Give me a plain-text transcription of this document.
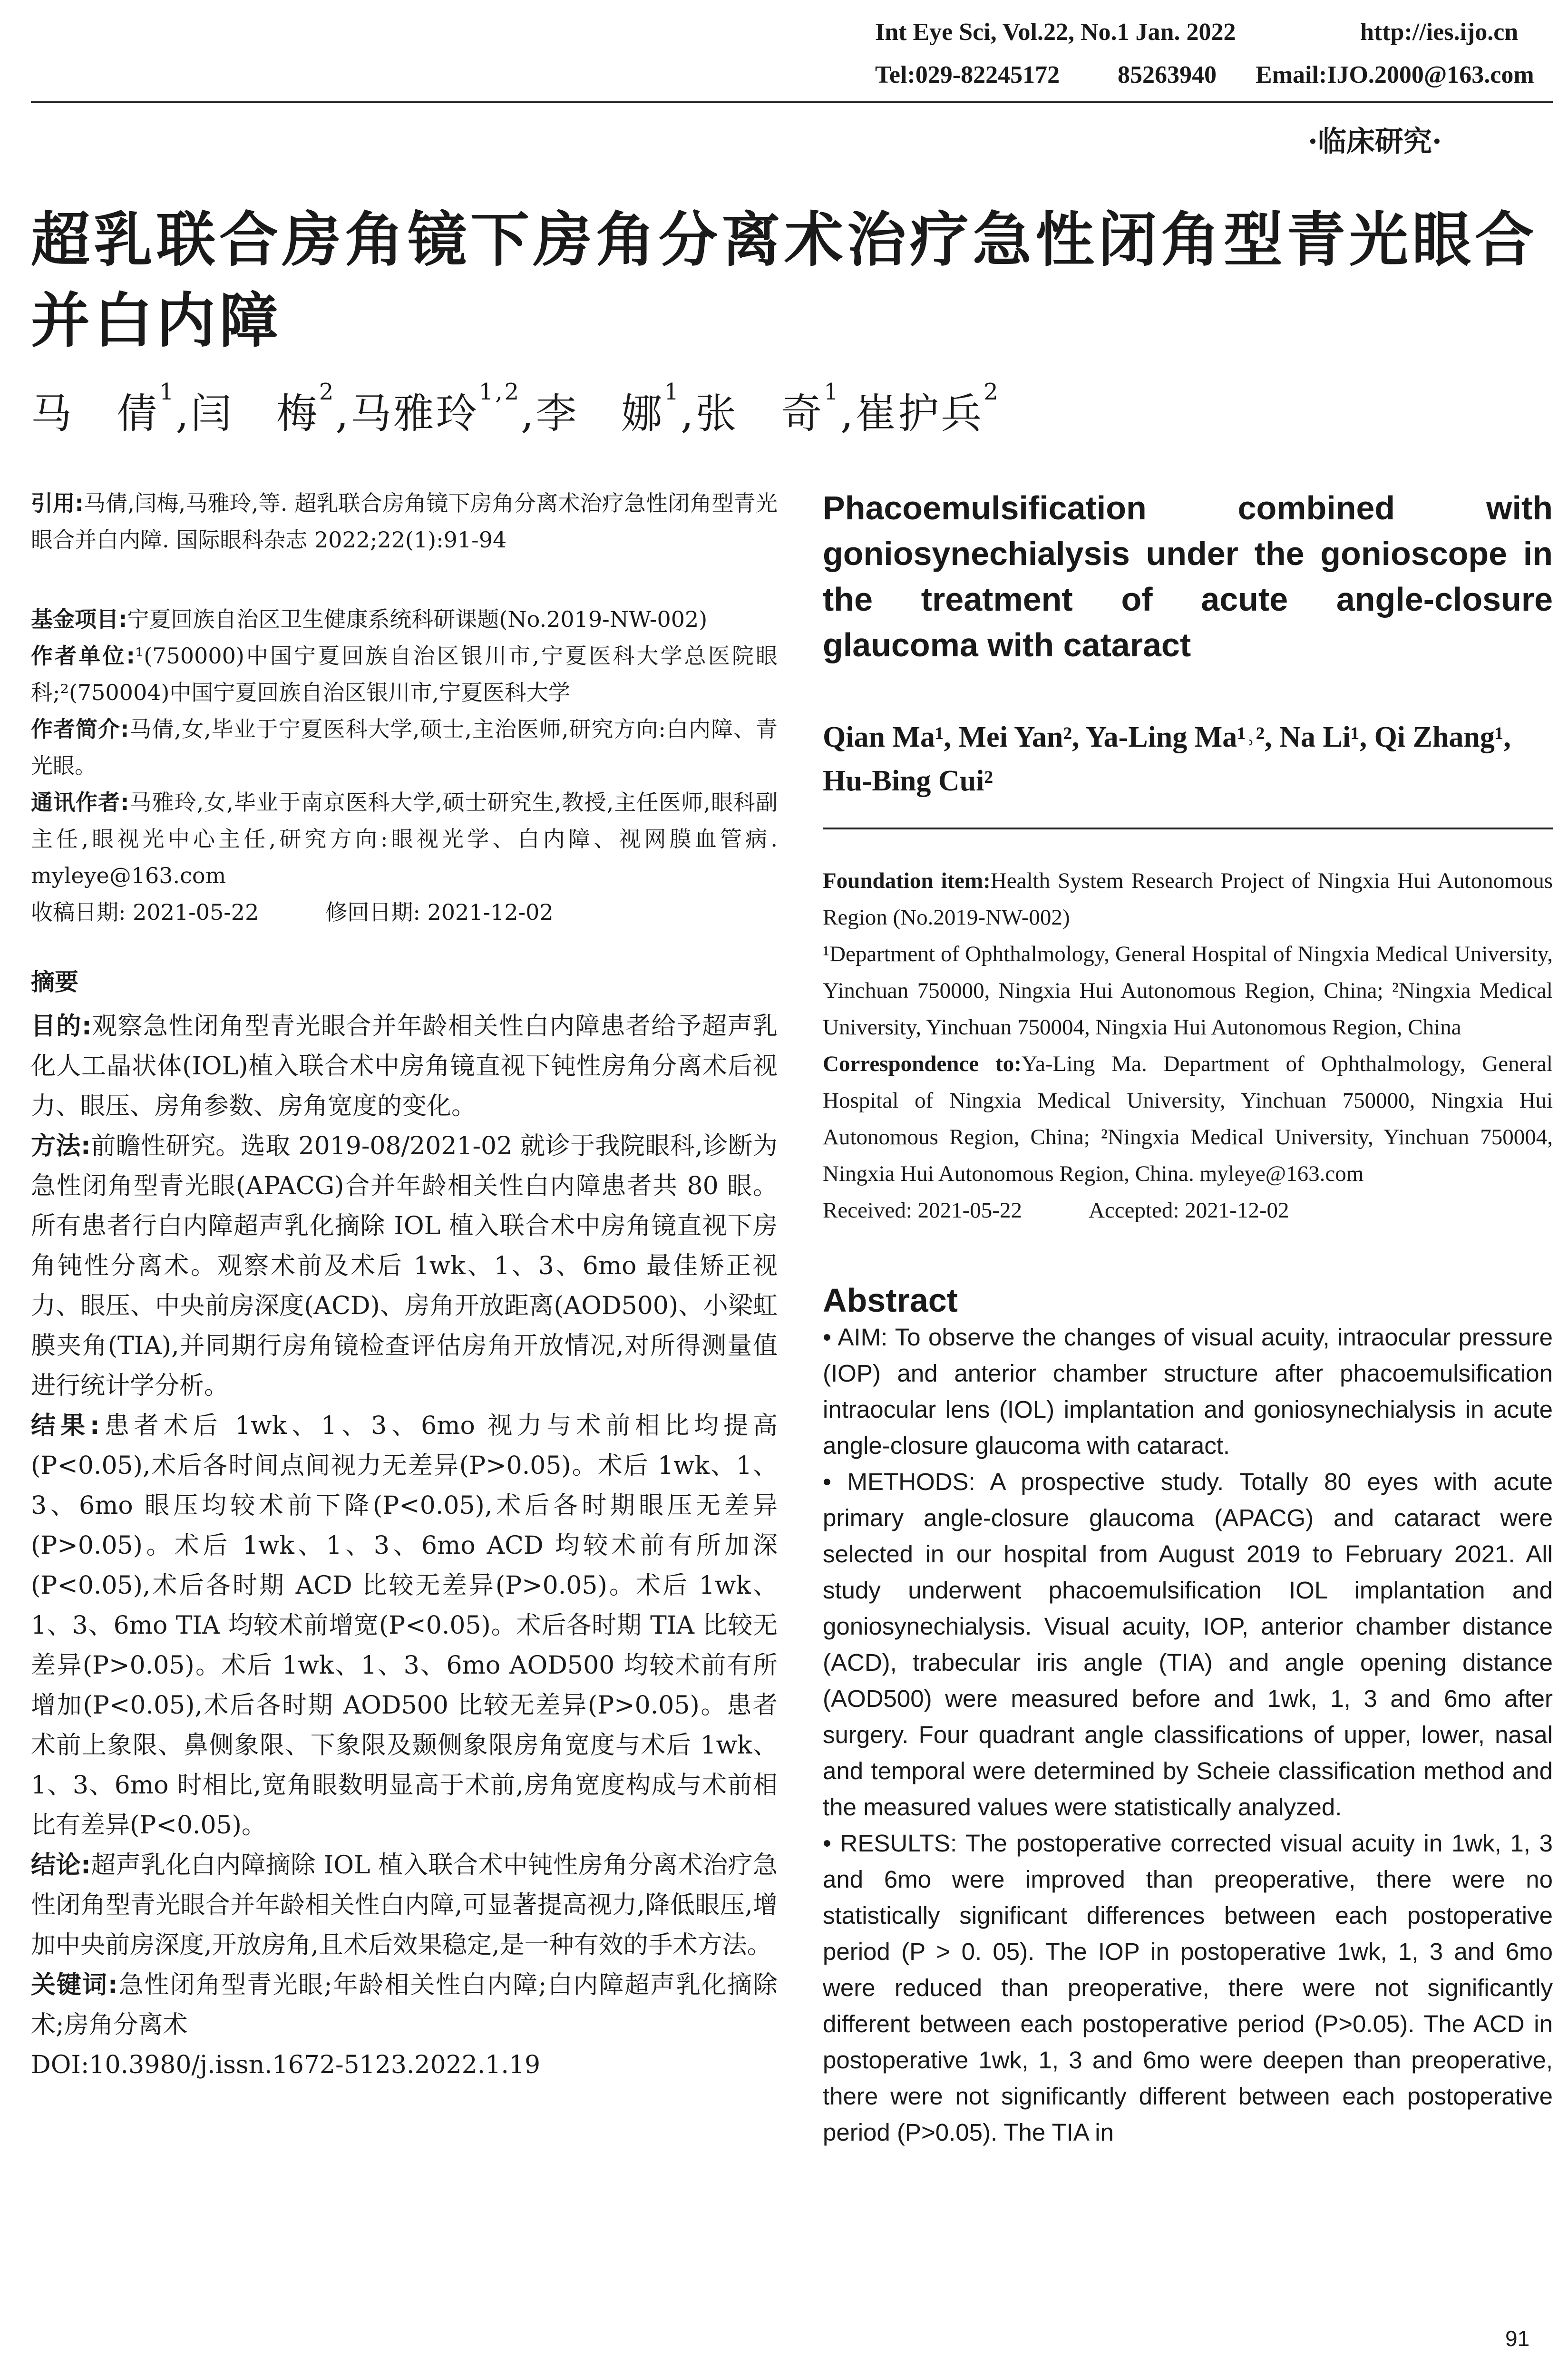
Int Eye Sci, Vol.22, No.1 Jan. 2022	http://ies.ijo.cn
Tel:029-82245172 85263940 Email:IJO.2000@163.com
·临床研究·
超乳联合房角镜下房角分离术治疗急性闭角型青光眼合并白内障
马　倩$^1$,闫　梅$^2$,马雅玲$^{1,2}$,李　娜$^1$,张　奇$^1$,崔护兵$^2$

引用:马倩,闫梅,马雅玲,等. 超乳联合房角镜下房角分离术治疗急性闭角型青光眼合并白内障. 国际眼科杂志 2022;22(1):91-94

基金项目:宁夏回族自治区卫生健康系统科研课题(No.2019-NW-002)

作者单位:¹(750000)中国宁夏回族自治区银川市,宁夏医科大学总医院眼科;²(750004)中国宁夏回族自治区银川市,宁夏医科大学

作者简介:马倩,女,毕业于宁夏医科大学,硕士,主治医师,研究方向:白内障、青光眼。

通讯作者:马雅玲,女,毕业于南京医科大学,硕士研究生,教授,主任医师,眼科副主任,眼视光中心主任,研究方向:眼视光学、白内障、视网膜血管病. myleye@163.com

收稿日期: 2021-05-22	修回日期: 2021-12-02

摘要

目的:观察急性闭角型青光眼合并年龄相关性白内障患者给予超声乳化人工晶状体(IOL)植入联合术中房角镜直视下钝性房角分离术后视力、眼压、房角参数、房角宽度的变化。

方法:前瞻性研究。选取 2019-08/2021-02 就诊于我院眼科,诊断为急性闭角型青光眼(APACG)合并年龄相关性白内障患者共 80 眼。所有患者行白内障超声乳化摘除 IOL 植入联合术中房角镜直视下房角钝性分离术。观察术前及术后 1wk、1、3、6mo 最佳矫正视力、眼压、中央前房深度(ACD)、房角开放距离(AOD500)、小梁虹膜夹角(TIA),并同期行房角镜检查评估房角开放情况,对所得测量值进行统计学分析。

结果:患者术后 1wk、1、3、6mo 视力与术前相比均提高(P<0.05),术后各时间点间视力无差异(P>0.05)。术后 1wk、1、3、6mo 眼压均较术前下降(P<0.05),术后各时期眼压无差异(P>0.05)。术后 1wk、1、3、6mo ACD 均较术前有所加深(P<0.05),术后各时期 ACD 比较无差异(P>0.05)。术后 1wk、1、3、6mo TIA 均较术前增宽(P<0.05)。术后各时期 TIA 比较无差异(P>0.05)。术后 1wk、1、3、6mo AOD500 均较术前有所增加(P<0.05),术后各时期 AOD500 比较无差异(P>0.05)。患者术前上象限、鼻侧象限、下象限及颞侧象限房角宽度与术后 1wk、1、3、6mo 时相比,宽角眼数明显高于术前,房角宽度构成与术前相比有差异(P<0.05)。

结论:超声乳化白内障摘除 IOL 植入联合术中钝性房角分离术治疗急性闭角型青光眼合并年龄相关性白内障,可显著提高视力,降低眼压,增加中央前房深度,开放房角,且术后效果稳定,是一种有效的手术方法。

关键词:急性闭角型青光眼;年龄相关性白内障;白内障超声乳化摘除术;房角分离术

DOI:10.3980/j.issn.1672-5123.2022.1.19

Phacoemulsification combined with goniosynechialysis under the gonioscope in the treatment of acute angle-closure glaucoma with cataract
Qian Ma¹, Mei Yan², Ya-Ling Ma¹˒², Na Li¹, Qi Zhang¹, Hu-Bing Cui²

Foundation item:Health System Research Project of Ningxia Hui Autonomous Region (No.2019-NW-002)

¹Department of Ophthalmology, General Hospital of Ningxia Medical University, Yinchuan 750000, Ningxia Hui Autonomous Region, China; ²Ningxia Medical University, Yinchuan 750004, Ningxia Hui Autonomous Region, China

Correspondence to:Ya-Ling Ma. Department of Ophthalmology, General Hospital of Ningxia Medical University, Yinchuan 750000, Ningxia Hui Autonomous Region, China; ²Ningxia Medical University, Yinchuan 750004, Ningxia Hui Autonomous Region, China. myleye@163.com

Received: 2021-05-22	Accepted: 2021-12-02

Abstract

• AIM: To observe the changes of visual acuity, intraocular pressure (IOP) and anterior chamber structure after phacoemulsification intraocular lens (IOL) implantation and goniosynechialysis in acute angle-closure glaucoma with cataract.

• METHODS: A prospective study. Totally 80 eyes with acute primary angle-closure glaucoma (APACG) and cataract were selected in our hospital from August 2019 to February 2021. All study underwent phacoemulsification IOL implantation and goniosynechialysis. Visual acuity, IOP, anterior chamber distance (ACD), trabecular iris angle (TIA) and angle opening distance (AOD500) were measured before and 1wk, 1, 3 and 6mo after surgery. Four quadrant angle classifications of upper, lower, nasal and temporal were determined by Scheie classification method and the measured values were statistically analyzed.

• RESULTS: The postoperative corrected visual acuity in 1wk, 1, 3 and 6mo were improved than preoperative, there were no statistically significant differences between each postoperative period (P > 0. 05). The IOP in postoperative 1wk, 1, 3 and 6mo were reduced than preoperative, there were not significantly different between each postoperative period (P>0.05). The ACD in postoperative 1wk, 1, 3 and 6mo were deepen than preoperative, there were not significantly different between each postoperative period (P>0.05). The TIA in

91
